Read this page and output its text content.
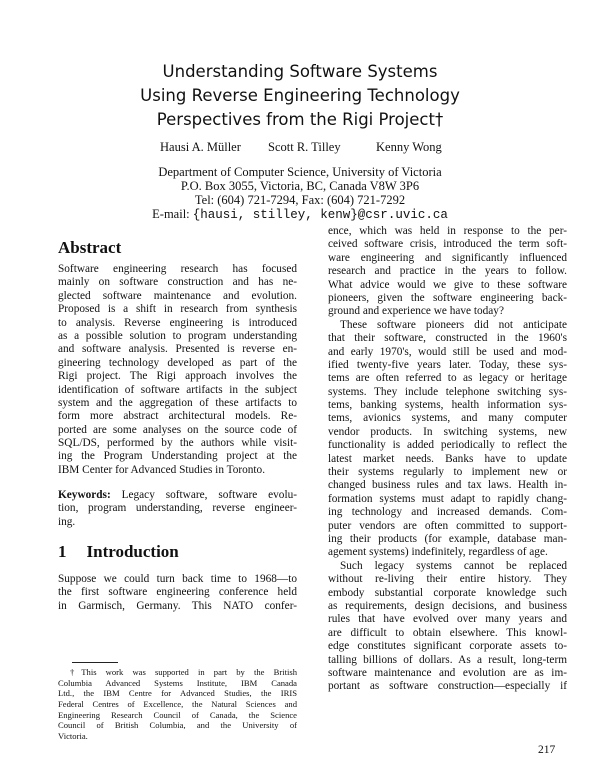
Understanding Software Systems
Using Reverse Engineering Technology
Perspectives from the Rigi Project†
Hausi A. Müller Scott R. Tilley	Kenny Wong
Department of Computer Science, University of Victoria
P.O. Box 3055, Victoria, BC, Canada V8W 3P6
Tel: (604) 721-7294, Fax: (604) 721-7292
E-mail: {hausi, stilley, kenw}@csr.uvic.ca
Abstract
Software engineering research has focused
mainly on software construction and has ne-
glected software maintenance and evolution.
Proposed is a shift in research from synthesis
to analysis. Reverse engineering is introduced
as a possible solution to program understanding
and software analysis. Presented is reverse en-
gineering technology developed as part of the
Rigi project. The Rigi approach involves the
identification of software artifacts in the subject
system and the aggregation of these artifacts to
form more abstract architectural models. Re-
ported are some analyses on the source code of
SQL/DS, performed by the authors while visit-
ing the Program Understanding project at the
IBM Center for Advanced Studies in Toronto.
Keywords: Legacy software, software evolu-
tion, program understanding, reverse engineer-
ing.
1 Introduction
Suppose we could turn back time to 1968—to
the first software engineering conference held
in Garmisch, Germany. This NATO confer-
†This work was supported in part by the British
Columbia Advanced Systems Institute, IBM Canada
Ltd., the IBM Centre for Advanced Studies, the IRIS
Federal Centres of Excellence, the Natural Sciences and
Engineering Research Council of Canada, the Science
Council of British Columbia, and the University of
Victoria.
ence, which was held in response to the per-
ceived software crisis, introduced the term soft-
ware engineering and significantly influenced
research and practice in the years to follow.
What advice would we give to these software
pioneers, given the software engineering back-
ground and experience we have today?
These software pioneers did not anticipate
that their software, constructed in the 1960's
and early 1970's, would still be used and mod-
ified twenty-five years later. Today, these sys-
tems are often referred to as legacy or heritage
systems. They include telephone switching sys-
tems, banking systems, health information sys-
tems, avionics systems, and many computer
vendor products. In switching systems, new
functionality is added periodically to reflect the
latest market needs. Banks have to update
their systems regularly to implement new or
changed business rules and tax laws. Health in-
formation systems must adapt to rapidly chang-
ing technology and increased demands. Com-
puter vendors are often committed to support-
ing their products (for example, database man-
agement systems) indefinitely, regardless of age.
Such legacy systems cannot be replaced
without re-living their entire history. They
embody substantial corporate knowledge such
as requirements, design decisions, and business
rules that have evolved over many years and
are difficult to obtain elsewhere. This knowl-
edge constitutes significant corporate assets to-
talling billions of dollars. As a result, long-term
software maintenance and evolution are as im-
portant as software construction—especially if
217
